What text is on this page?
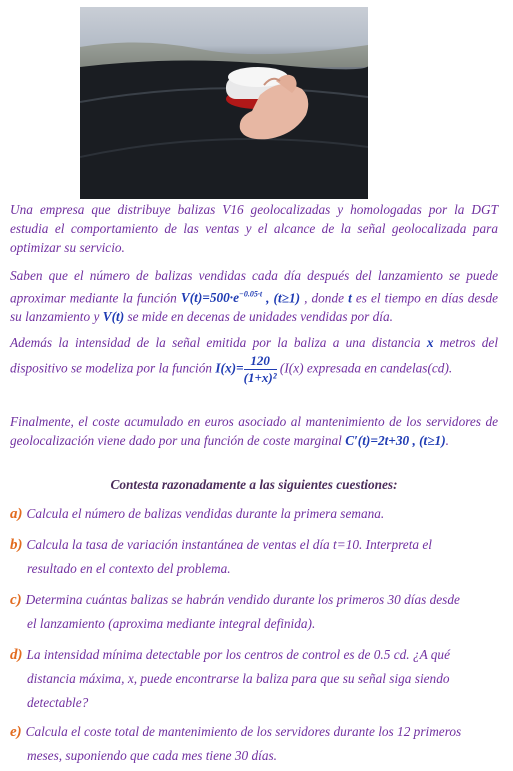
Una empresa que distribuye balizas V16 geolocalizadas y homologadas por la DGT estudia el comportamiento de las ventas y el alcance de la señal geolocalizada para optimizar su servicio.

Saben que el número de balizas vendidas cada día después del lanzamiento se puede aproximar mediante la función $V(t)=500\cdot e^{-0.05\cdot t}$ , (t≥1) , donde t es el tiempo en días desde su lanzamiento y V(t) se mide en decenas de unidades vendidas por día.

Además la intensidad de la señal emitida por la baliza a una distancia x metros del dispositivo se modeliza por la función $I(x)= \frac{120}{\text{(1+x)²}} (I(x)$ expresada en candelas(cd).

Finalmente, el coste acumulado en euros asociado al mantenimiento de los servidores de geolocalización viene dado por una función de coste marginal C′(t)=2t+30 , (t≥1).

Contesta razonadamente a las siguientes cuestiones:
a) Calcula el número de balizas vendidas durante la primera semana.
b) Calcula la tasa de variación instantánea de ventas el día t=10. Interpreta el
resultado en el contexto del problema.
c) Determina cuántas balizas se habrán vendido durante los primeros 30 días desde
el lanzamiento (aproxima mediante integral definida).
d) La intensidad mínima detectable por los centros de control es de 0.5 cd. ¿A qué
distancia máxima, x, puede encontrarse la baliza para que su señal siga siendo
detectable?
e) Calcula el coste total de mantenimiento de los servidores durante los 12 primeros
meses, suponiendo que cada mes tiene 30 días.
